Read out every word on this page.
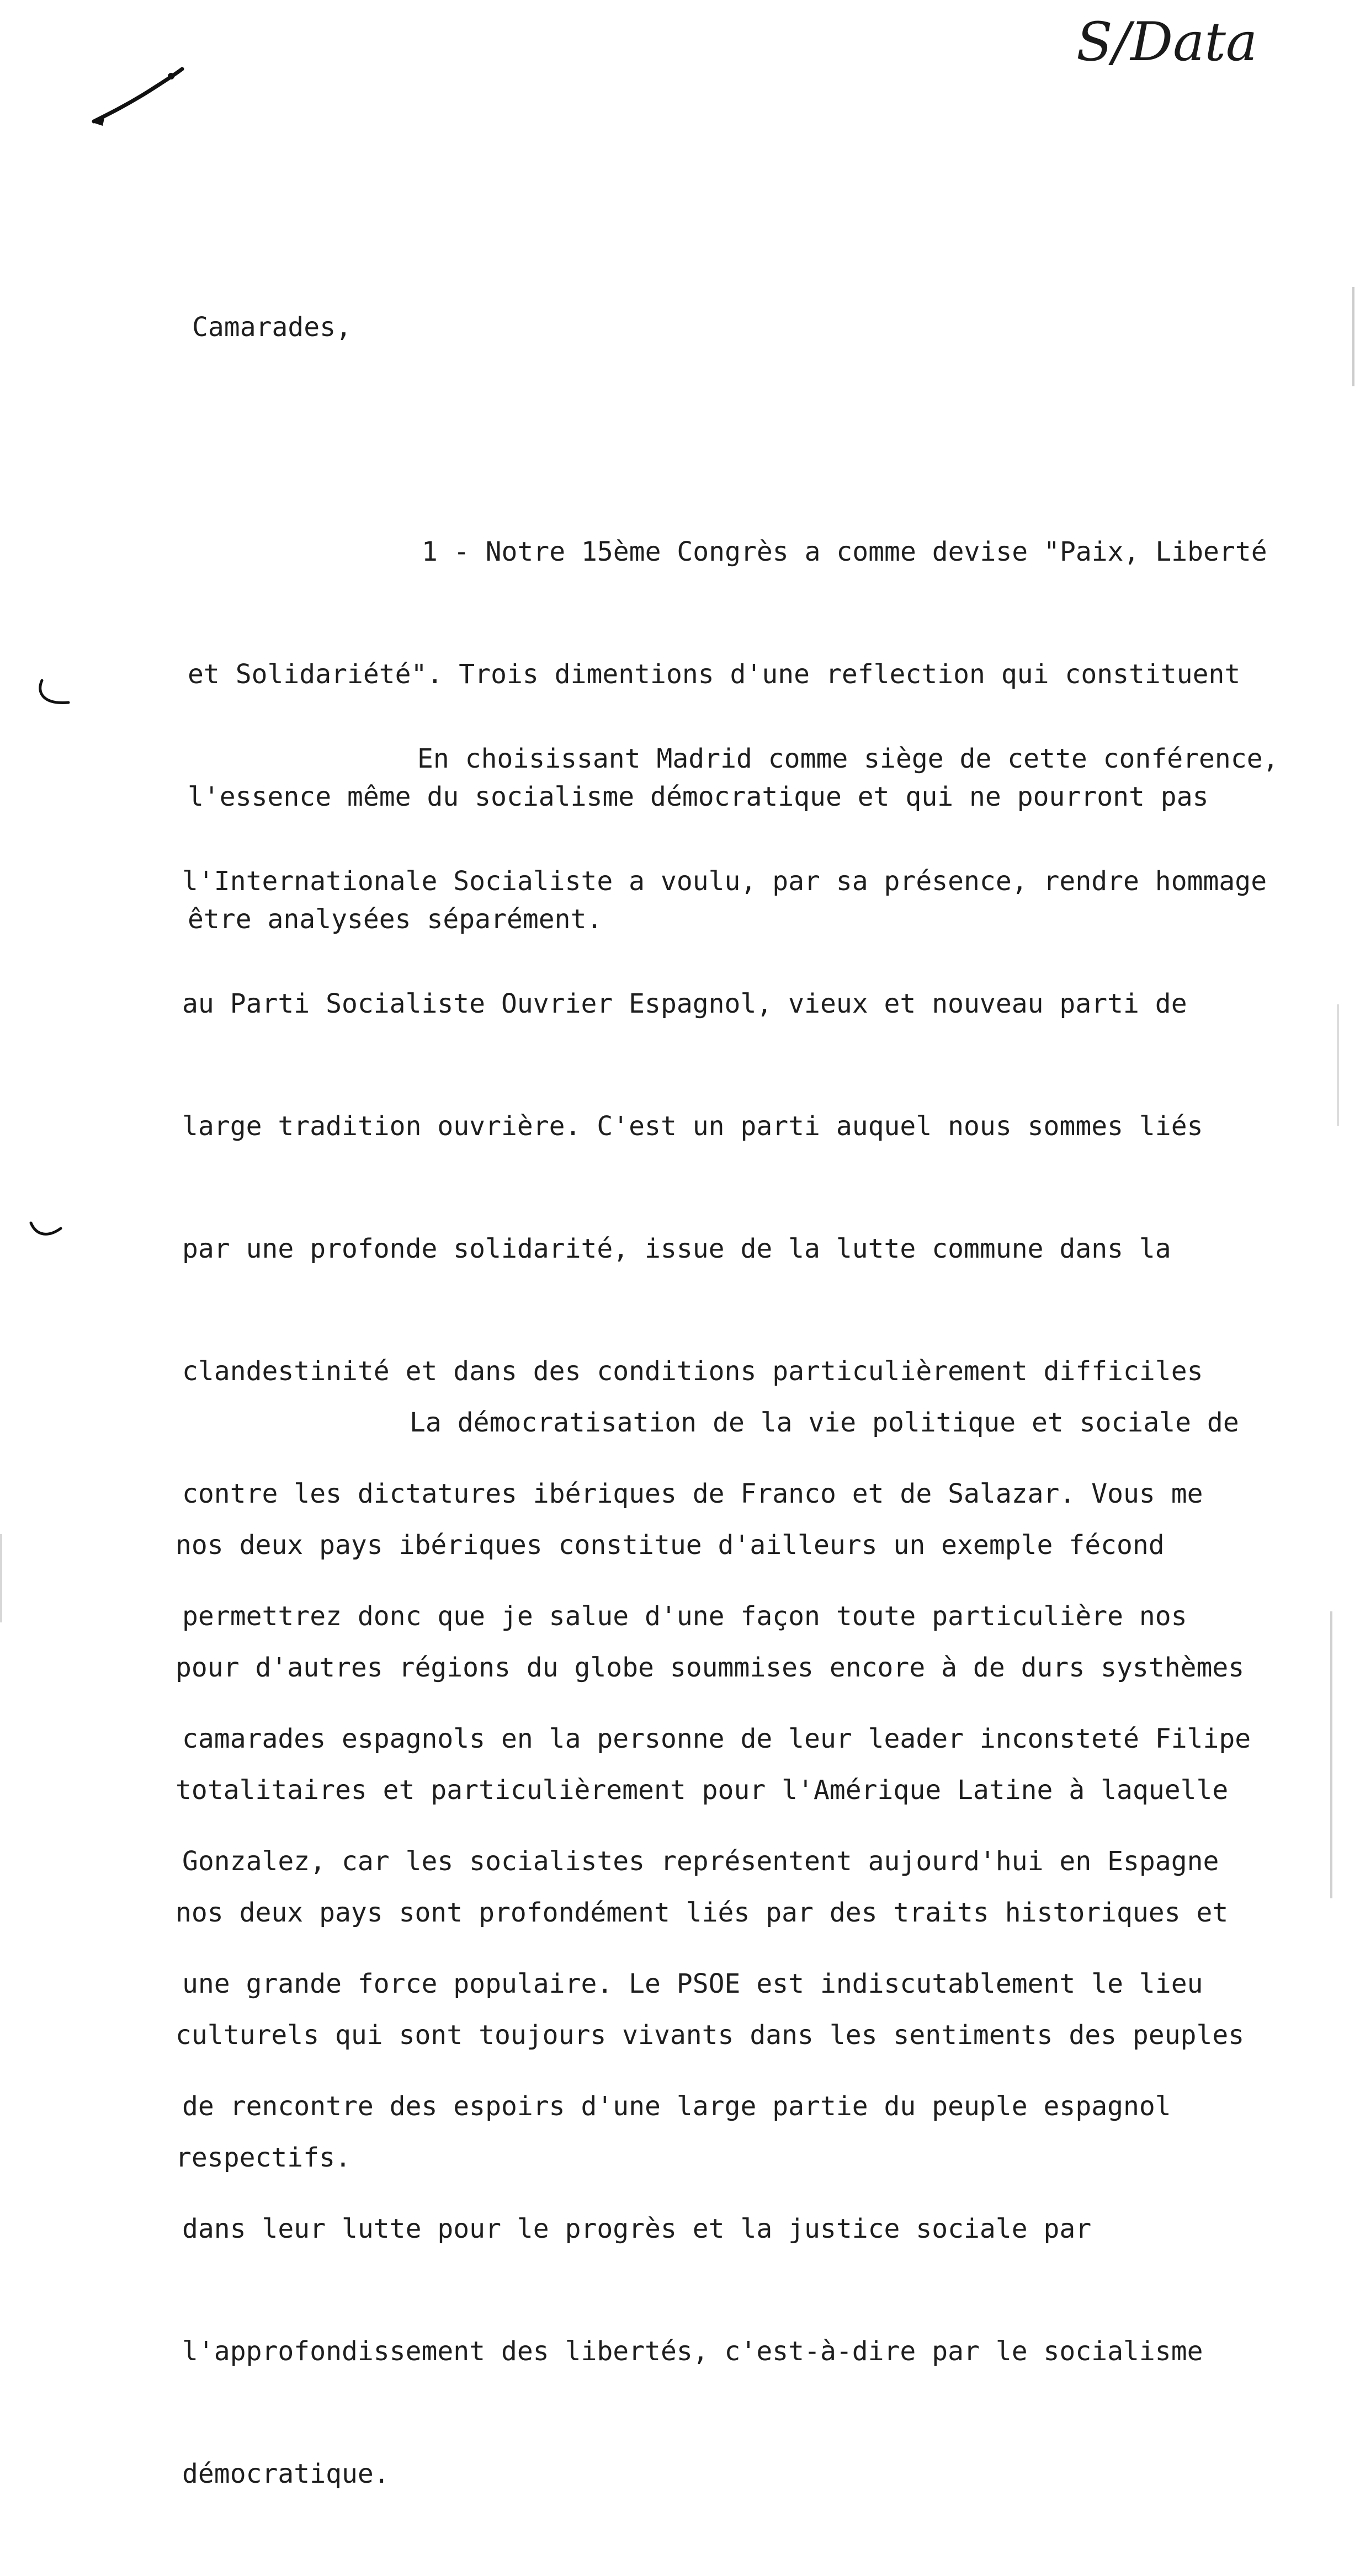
S/Data
Camarades,

1 - Notre 15ème Congrès a comme devise "Paix, Liberté

et Solidariété". Trois dimentions d'une reflection qui constituent

l'essence même du socialisme démocratique et qui ne pourront pas

être analysées séparément.

En choisissant Madrid comme siège de cette conférence,

l'Internationale Socialiste a voulu, par sa présence, rendre hommage

au Parti Socialiste Ouvrier Espagnol, vieux et nouveau parti de

large tradition ouvrière. C'est un parti auquel nous sommes liés

par une profonde solidarité, issue de la lutte commune dans la

clandestinité et dans des conditions particulièrement difficiles

contre les dictatures ibériques de Franco et de Salazar. Vous me

permettrez donc que je salue d'une façon toute particulière nos

camarades espagnols en la personne de leur leader inconsteté Filipe

Gonzalez, car les socialistes représentent aujourd'hui en Espagne

une grande force populaire. Le PSOE est indiscutablement le lieu

de rencontre des espoirs d'une large partie du peuple espagnol

dans leur lutte pour le progrès et la justice sociale par

l'approfondissement des libertés, c'est-à-dire par le socialisme

démocratique.

La démocratisation de la vie politique et sociale de

nos deux pays ibériques constitue d'ailleurs un exemple fécond

pour d'autres régions du globe soummises encore à de durs systhèmes

totalitaires et particulièrement pour l'Amérique Latine à laquelle

nos deux pays sont profondément liés par des traits historiques et

culturels qui sont toujours vivants dans les sentiments des peuples

respectifs.
